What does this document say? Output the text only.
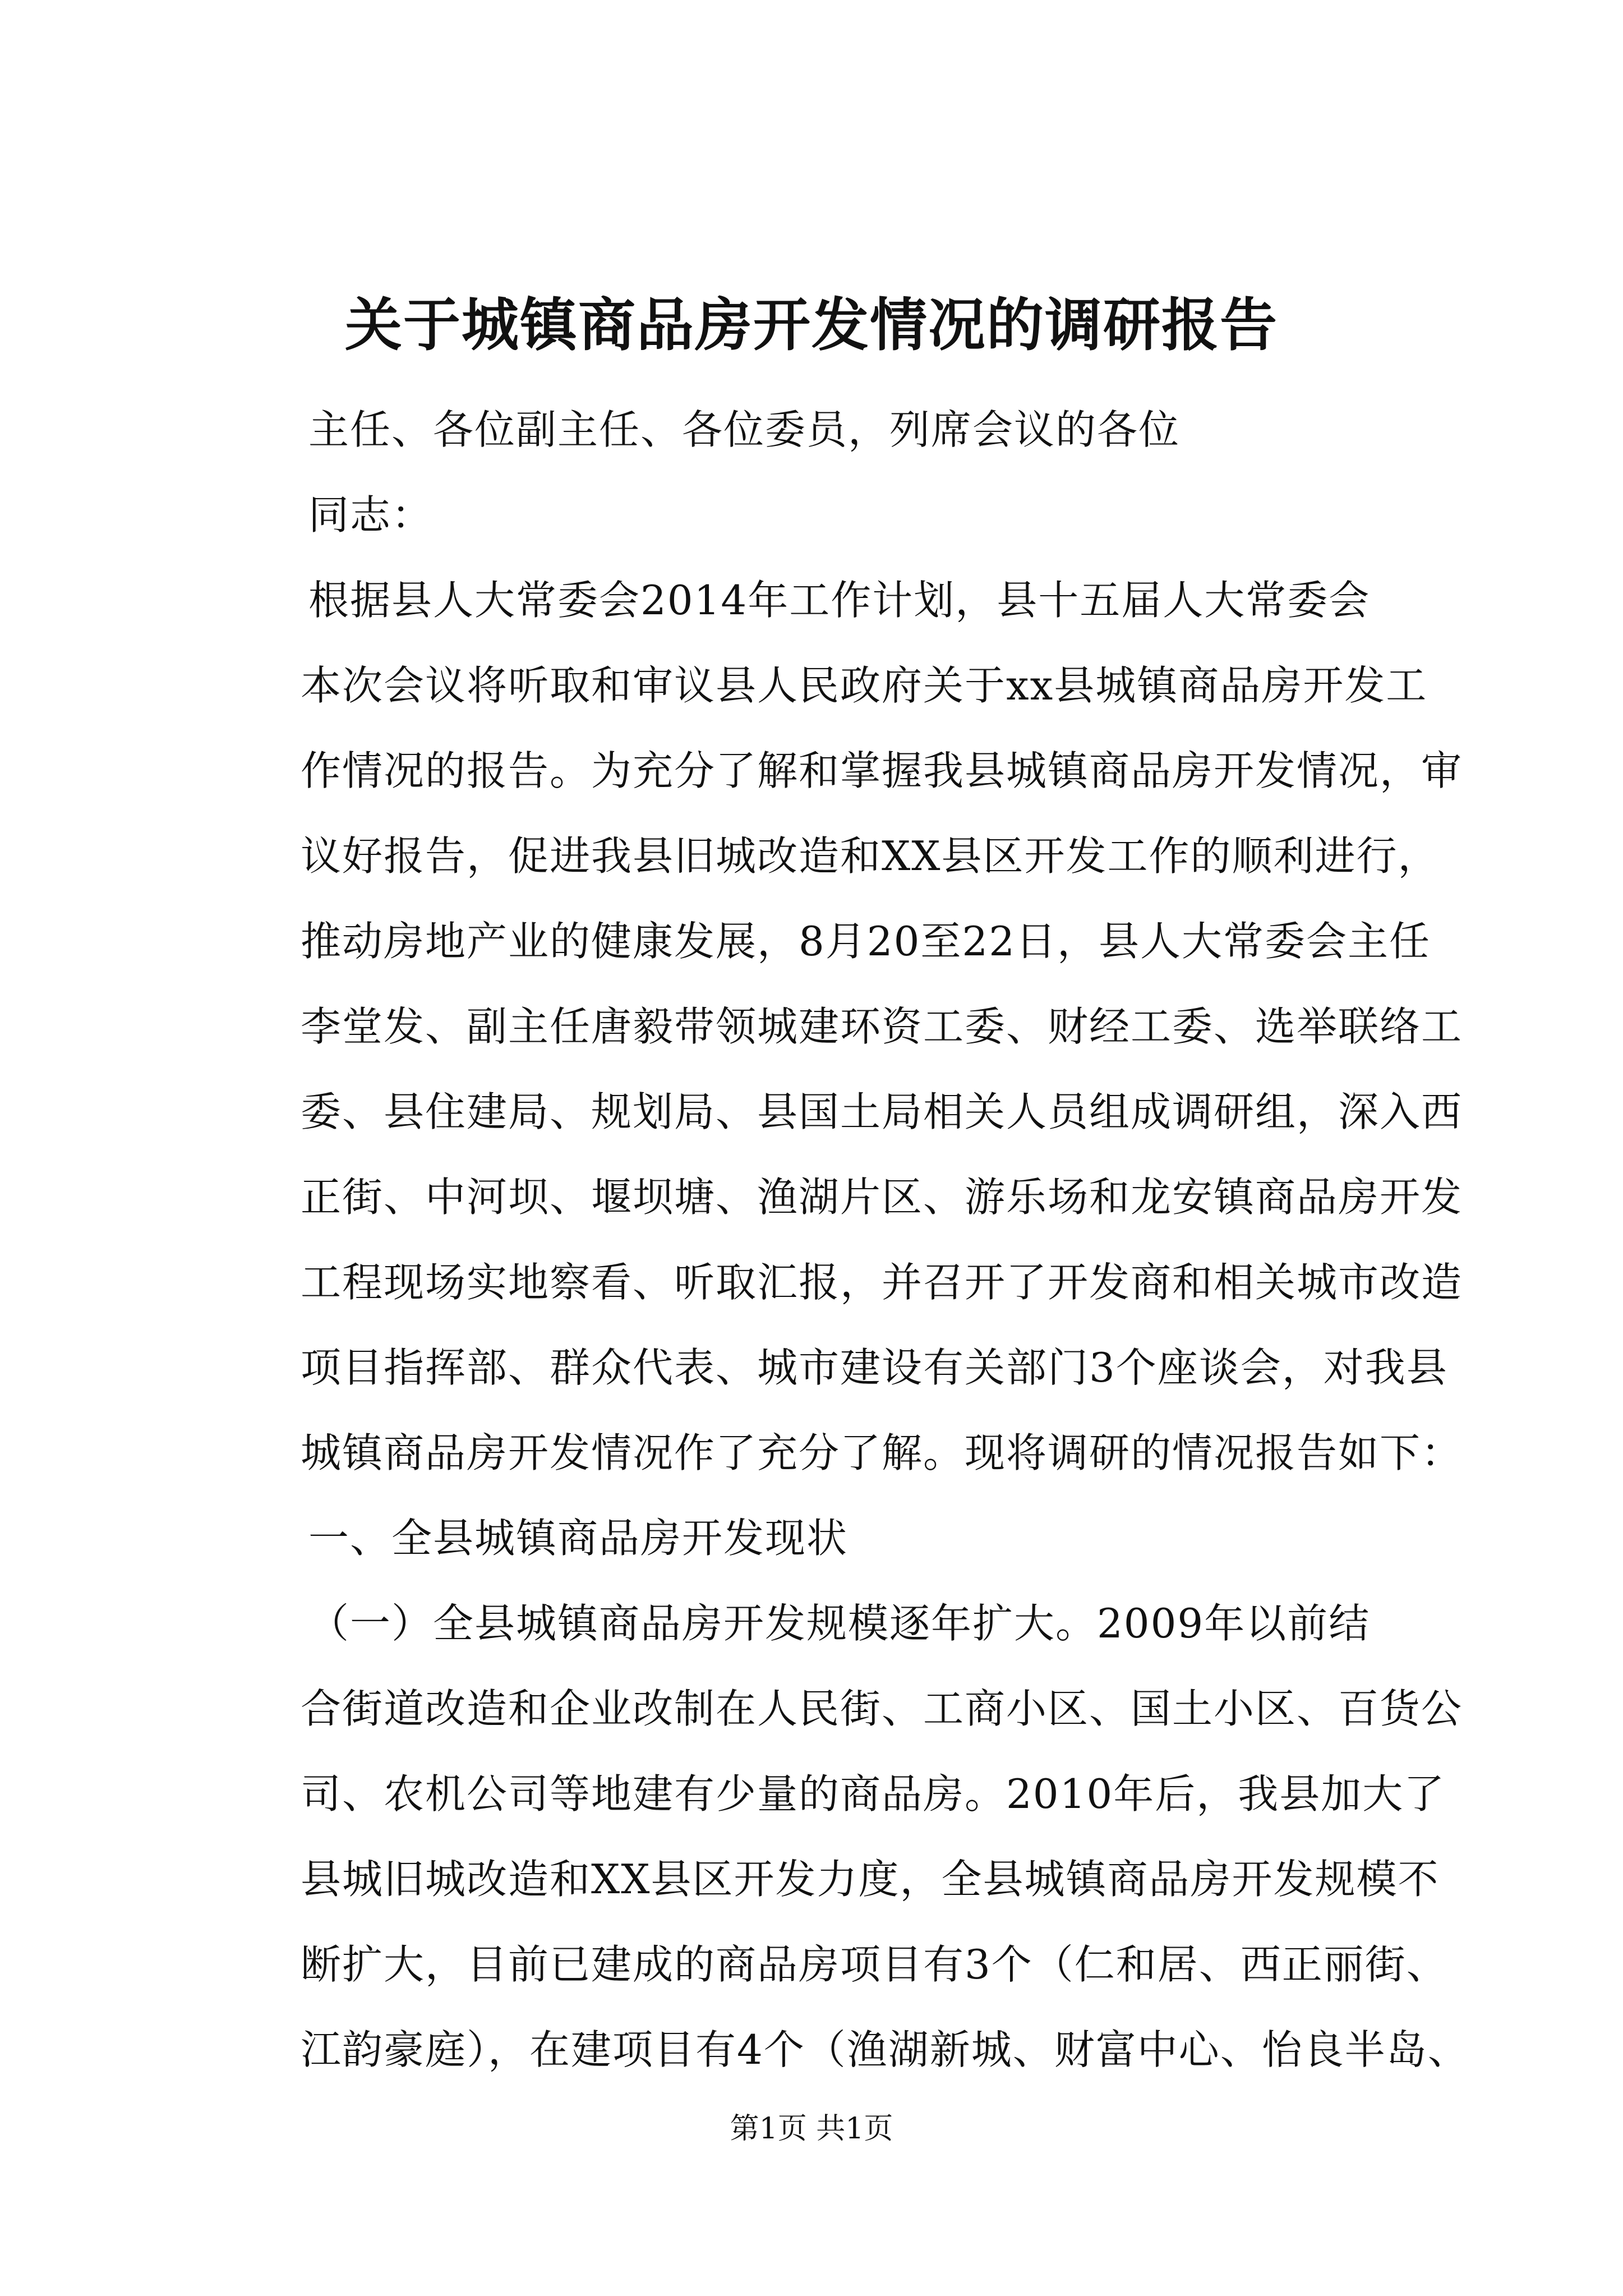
关于城镇商品房开发情况的调研报告
主任、各位副主任、各位委员，列席会议的各位
同志：
根据县人大常委会2014年工作计划，县十五届人大常委会
本次会议将听取和审议县人民政府关于xx县城镇商品房开发工
作情况的报告。为充分了解和掌握我县城镇商品房开发情况，审
议好报告，促进我县旧城改造和XX县区开发工作的顺利进行，
推动房地产业的健康发展，8月20至22日，县人大常委会主任
李堂发、副主任唐毅带领城建环资工委、财经工委、选举联络工
委、县住建局、规划局、县国土局相关人员组成调研组，深入西
正街、中河坝、堰坝塘、渔湖片区、游乐场和龙安镇商品房开发
工程现场实地察看、听取汇报，并召开了开发商和相关城市改造
项目指挥部、群众代表、城市建设有关部门3个座谈会，对我县
城镇商品房开发情况作了充分了解。现将调研的情况报告如下：
一、全县城镇商品房开发现状
（一）全县城镇商品房开发规模逐年扩大。2009年以前结
合街道改造和企业改制在人民街、工商小区、国土小区、百货公
司、农机公司等地建有少量的商品房。2010年后，我县加大了
县城旧城改造和XX县区开发力度，全县城镇商品房开发规模不
断扩大，目前已建成的商品房项目有3个（仁和居、西正丽街、
江韵豪庭），在建项目有4个（渔湖新城、财富中心、怡良半岛、
第1页 共1页
